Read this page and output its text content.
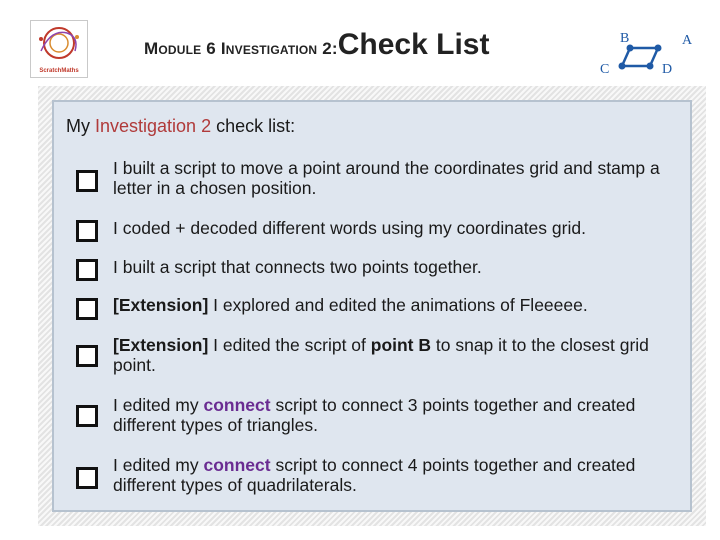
ScratchMaths
Module 6 Investigation 2:Check List	B	A
C	D
My Investigation 2 check list:
I built a script to move a point around the coordinates grid and stamp a letter in a chosen position.
I coded + decoded different words using my coordinates grid.
I built a script that connects two points together.
[Extension] I explored and edited the animations of Fleeeee.
[Extension] I edited the script of point B to snap it to the closest grid point.
I edited my connect script to connect 3 points together and created different types of triangles.
I edited my connect script to connect 4 points together and created different types of quadrilaterals.
